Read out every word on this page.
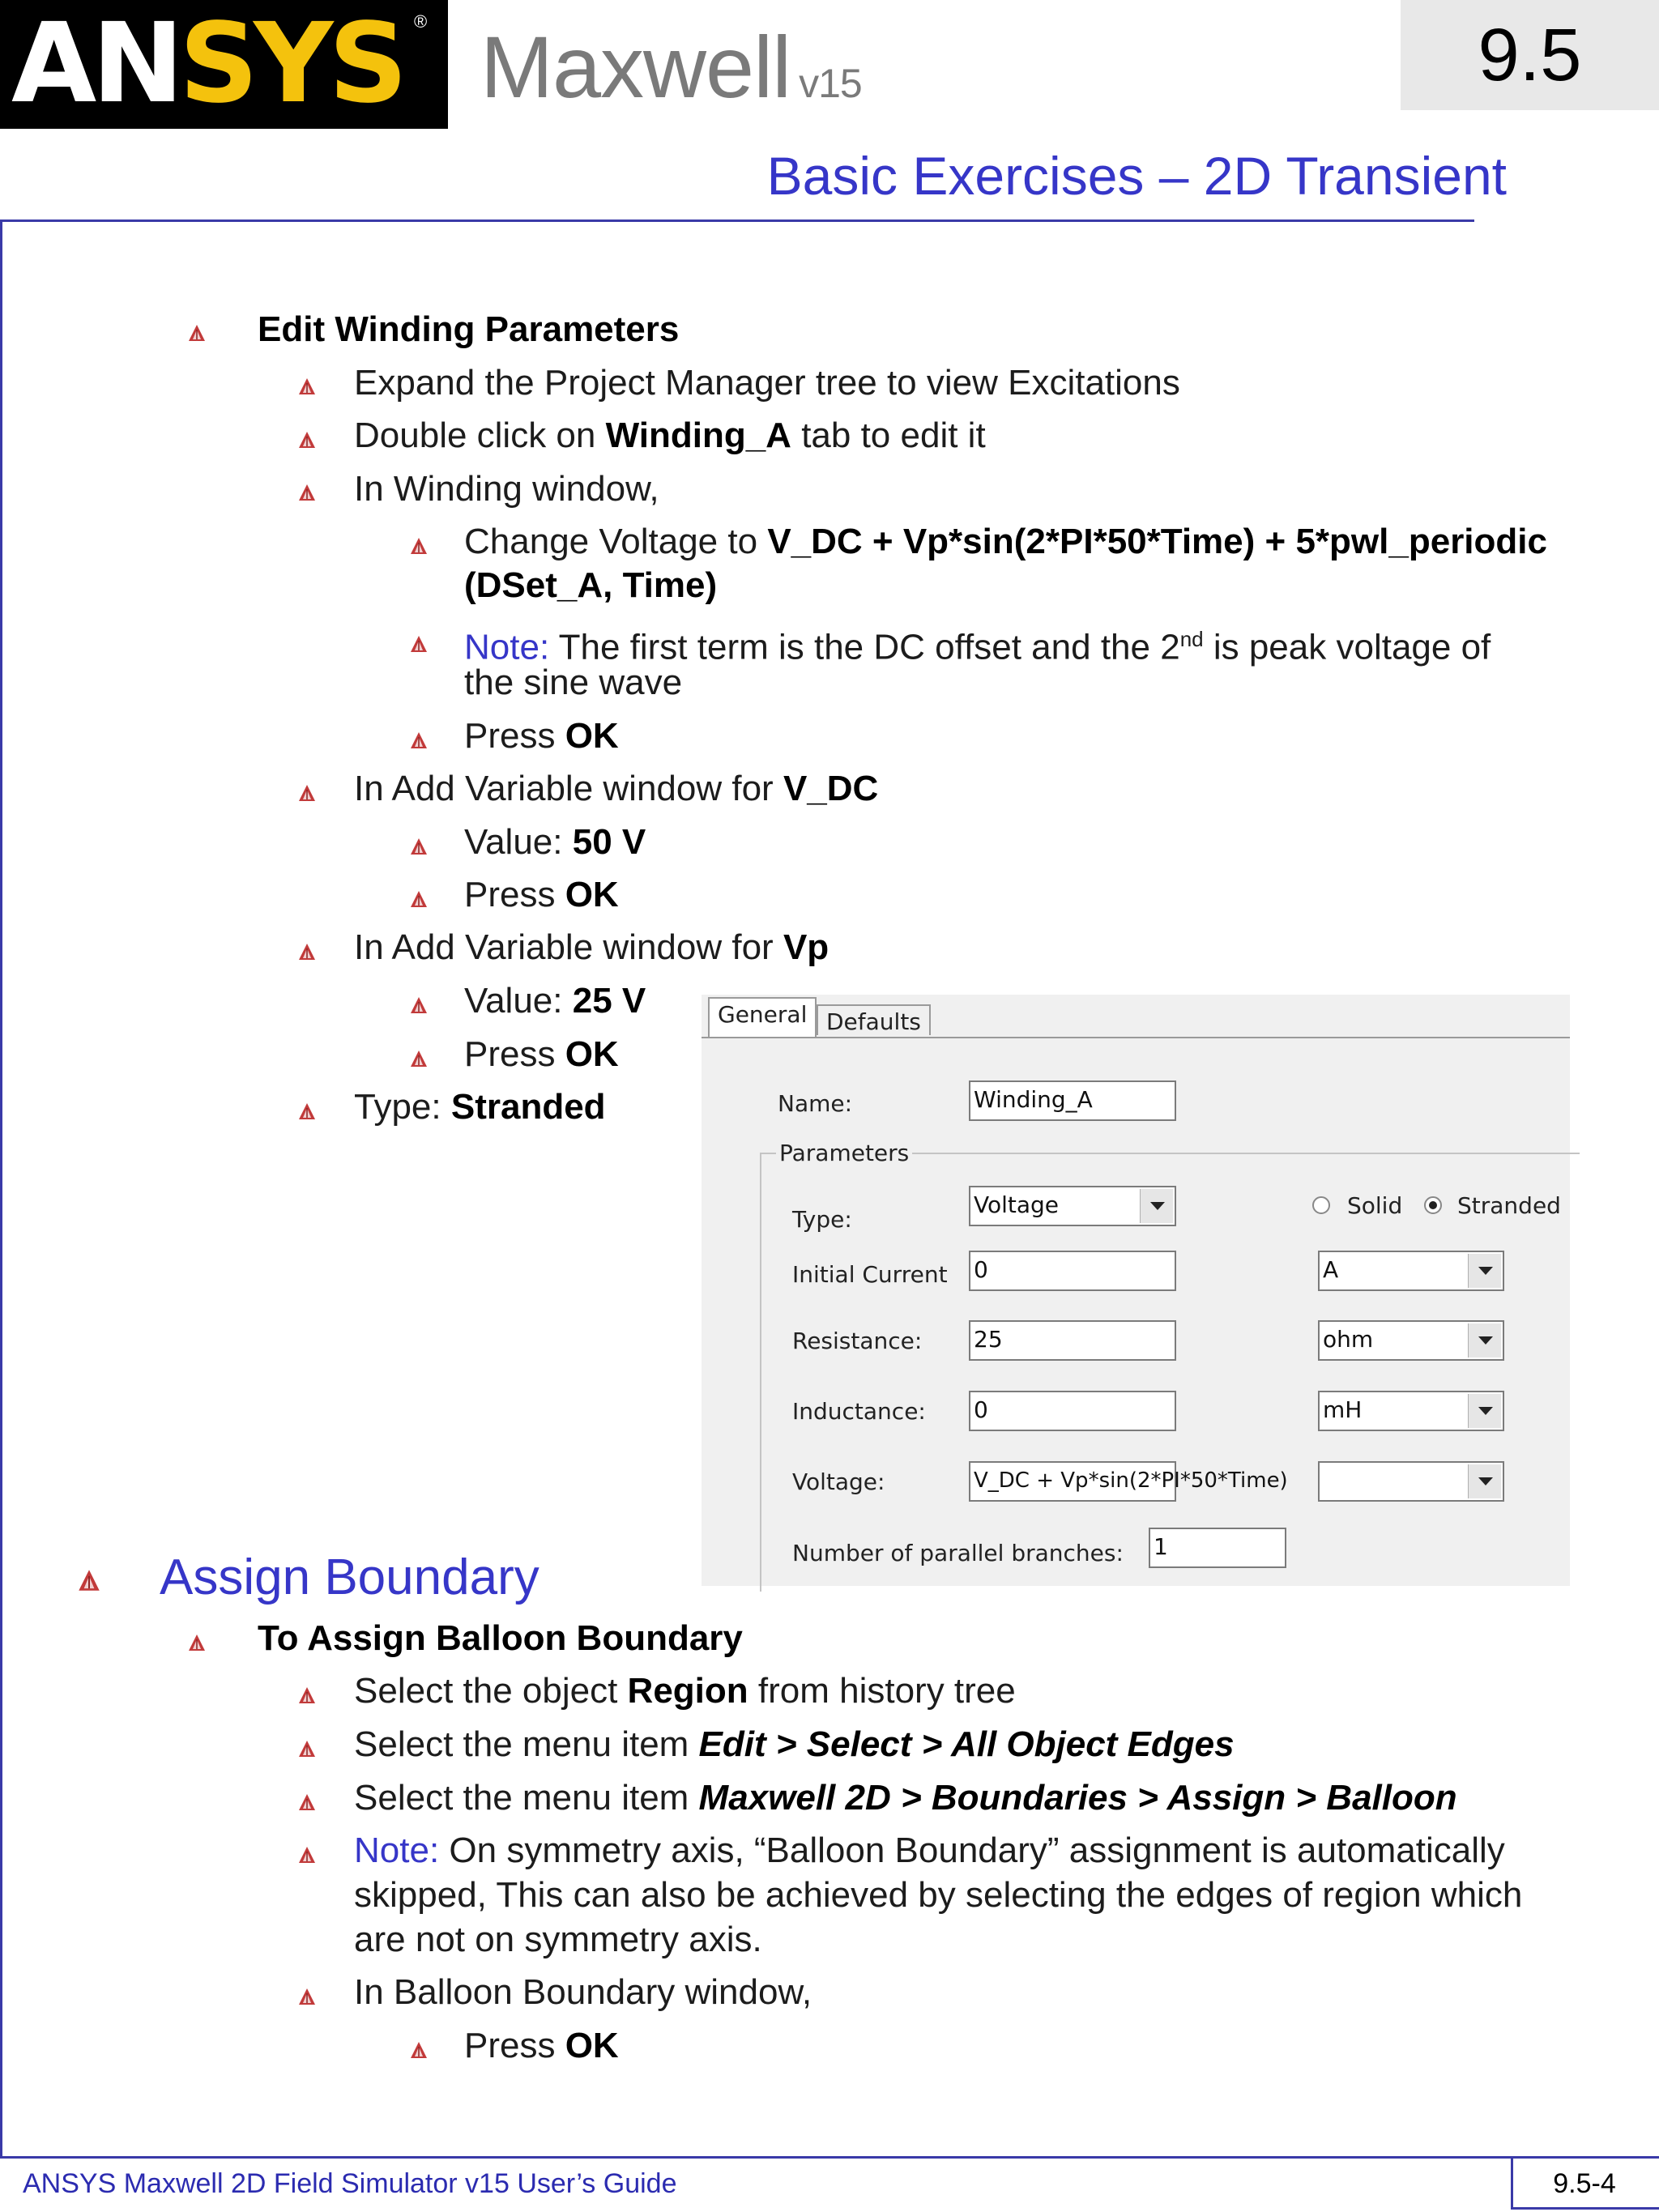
ANSYS ® Maxwell v15	9.5
Basic Exercises – 2D Transient
Edit Winding Parameters
Expand the Project Manager tree to view Excitations
Double click on Winding_A tab to edit it
In Winding window,
Change Voltage to V_DC + Vp*sin(2*PI*50*Time) + 5*pwl_periodic
(DSet_A, Time)
Note: The first term is the DC offset and the 2nd is peak voltage of
the sine wave
Press OK
In Add Variable window for V_DC
Value: 50 V
Press OK
In Add Variable window for Vp
Value: 25 V
Press OK
Type: Stranded
General Defaults
Name:	Winding_A
Parameters
Type:
Voltage	Solid Stranded
Initial Current 0	A
Resistance: 25	ohm
Inductance: 0	mH
Voltage:	V_DC + Vp*sin(2*PI*50*Time)
Number of parallel branches: 1
Assign Boundary
To Assign Balloon Boundary
Select the object Region from history tree
Select the menu item Edit > Select > All Object Edges
Select the menu item Maxwell 2D > Boundaries > Assign > Balloon
Note: On symmetry axis, “Balloon Boundary” assignment is automatically
skipped, This can also be achieved by selecting the edges of region which
are not on symmetry axis.
In Balloon Boundary window,
Press OK
ANSYS Maxwell 2D Field Simulator v15 User’s Guide	9.5-4
